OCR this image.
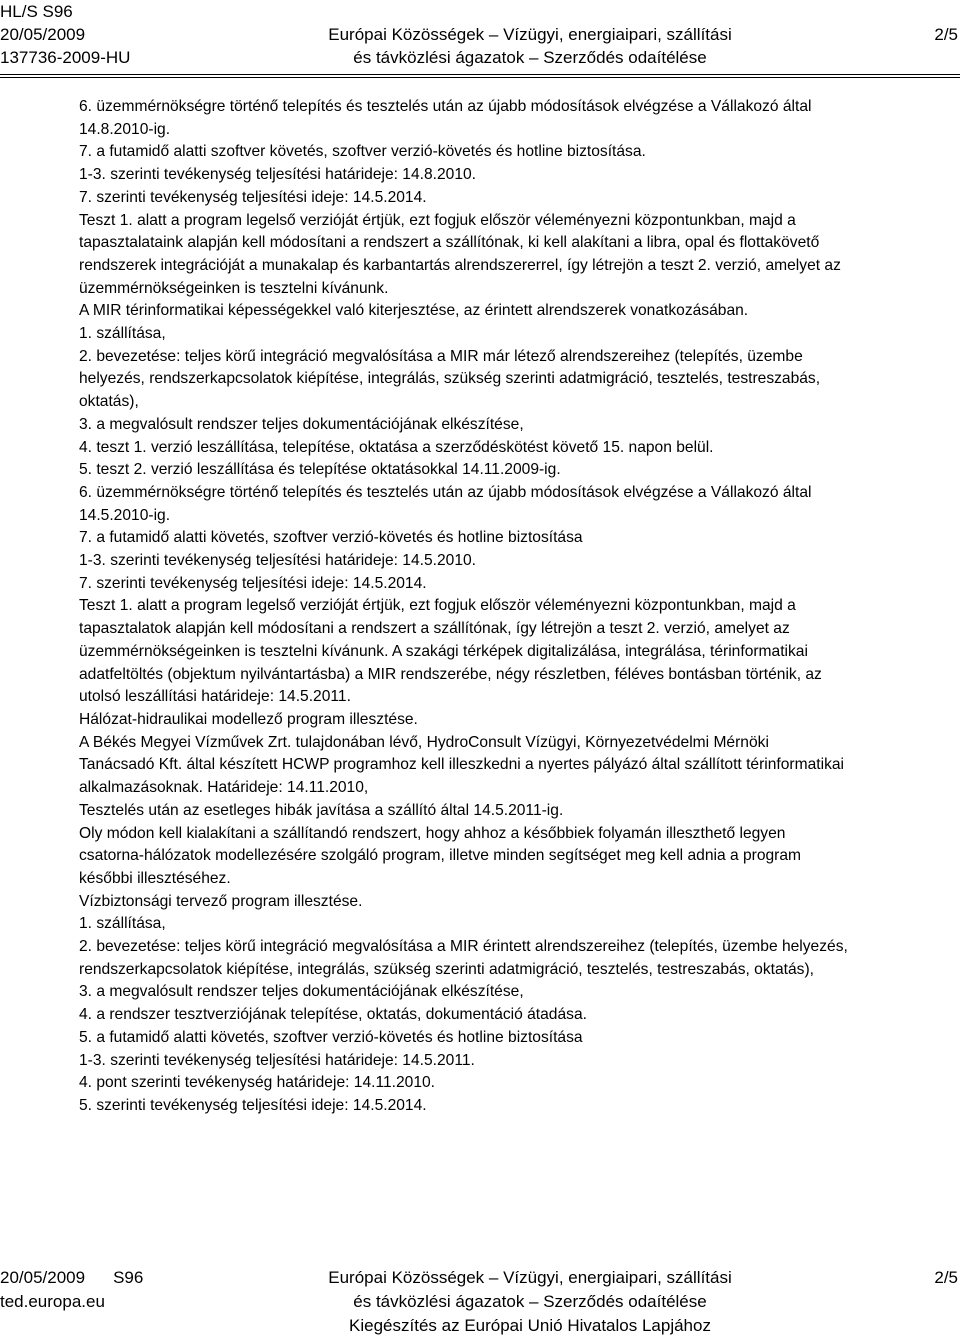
HL/S S96
20/05/2009
137736-2009-HU
Európai Közösségek – Vízügyi, energiaipari, szállítási
és távközlési ágazatok – Szerződés odaítélése
2/5

6. üzemmérnökségre történő telepítés és tesztelés után az újabb módosítások elvégzése a Vállakozó által

14.8.2010-ig.

7. a futamidő alatti szoftver követés, szoftver verzió-követés és hotline biztosítása.

1-3. szerinti tevékenység teljesítési határideje: 14.8.2010.

7. szerinti tevékenység teljesítési ideje: 14.5.2014.

Teszt 1. alatt a program legelső verzióját értjük, ezt fogjuk először véleményezni központunkban, majd a

tapasztalataink alapján kell módosítani a rendszert a szállítónak, ki kell alakítani a libra, opal és flottakövető

rendszerek integrációját a munakalap és karbantartás alrendszererrel, így létrejön a teszt 2. verzió, amelyet az

üzemmérnökségeinken is tesztelni kívánunk.

A MIR térinformatikai képességekkel való kiterjesztése, az érintett alrendszerek vonatkozásában.

1. szállítása,

2. bevezetése: teljes körű integráció megvalósítása a MIR már létező alrendszereihez (telepítés, üzembe

helyezés, rendszerkapcsolatok kiépítése, integrálás, szükség szerinti adatmigráció, tesztelés, testreszabás,

oktatás),

3. a megvalósult rendszer teljes dokumentációjának elkészítése,

4. teszt 1. verzió leszállítása, telepítése, oktatása a szerződéskötést követő 15. napon belül.

5. teszt 2. verzió leszállítása és telepítése oktatásokkal 14.11.2009-ig.

6. üzemmérnökségre történő telepítés és tesztelés után az újabb módosítások elvégzése a Vállakozó által

14.5.2010-ig.

7. a futamidő alatti követés, szoftver verzió-követés és hotline biztosítása

1-3. szerinti tevékenység teljesítési határideje: 14.5.2010.

7. szerinti tevékenység teljesítési ideje: 14.5.2014.

Teszt 1. alatt a program legelső verzióját értjük, ezt fogjuk először véleményezni központunkban, majd a

tapasztalatok alapján kell módosítani a rendszert a szállítónak, így létrejön a teszt 2. verzió, amelyet az

üzemmérnökségeinken is tesztelni kívánunk. A szakági térképek digitalizálása, integrálása, térinformatikai

adatfeltöltés (objektum nyilvántartásba) a MIR rendszerébe, négy részletben, féléves bontásban történik, az

utolsó leszállítási határideje: 14.5.2011.

Hálózat-hidraulikai modellező program illesztése.

A Békés Megyei Vízművek Zrt. tulajdonában lévő, HydroConsult Vízügyi, Környezetvédelmi Mérnöki

Tanácsadó Kft. által készített HCWP programhoz kell illeszkedni a nyertes pályázó által szállított térinformatikai

alkalmazásoknak. Határideje: 14.11.2010,

Tesztelés után az esetleges hibák javítása a szállító által 14.5.2011-ig.

Oly módon kell kialakítani a szállítandó rendszert, hogy ahhoz a későbbiek folyamán illeszthető legyen

csatorna-hálózatok modellezésére szolgáló program, illetve minden segítséget meg kell adnia a program

későbbi illesztéséhez.

Vízbiztonsági tervező program illesztése.

1. szállítása,

2. bevezetése: teljes körű integráció megvalósítása a MIR érintett alrendszereihez (telepítés, üzembe helyezés,

rendszerkapcsolatok kiépítése, integrálás, szükség szerinti adatmigráció, tesztelés, testreszabás, oktatás),

3. a megvalósult rendszer teljes dokumentációjának elkészítése,

4. a rendszer tesztverziójának telepítése, oktatás, dokumentáció átadása.

5. a futamidő alatti követés, szoftver verzió-követés és hotline biztosítása

1-3. szerinti tevékenység teljesítési határideje: 14.5.2011.

4. pont szerinti tevékenység határideje: 14.11.2010.

5. szerinti tevékenység teljesítési ideje: 14.5.2014.

20/05/2009 S96
ted.europa.eu
Európai Közösségek – Vízügyi, energiaipari, szállítási
és távközlési ágazatok – Szerződés odaítélése
Kiegészítés az Európai Unió Hivatalos Lapjához
2/5
